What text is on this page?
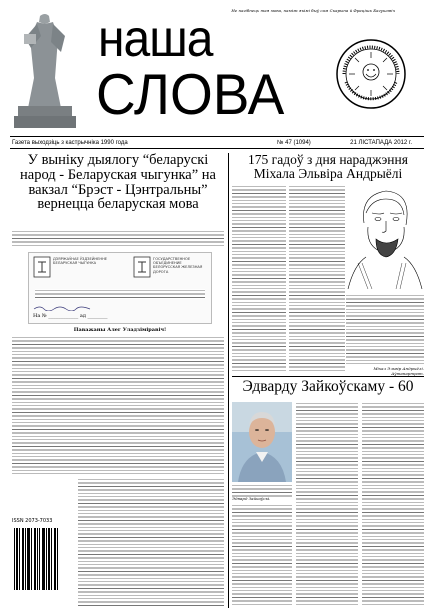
Не пагібнець тая мова, паміж якімі быў сам Скарына й Фрацішк Багушэвіч
наша
СЛОВА
Газета выходзіць з кастрычніка 1990 года	№ 47 (1094)	21 ЛІСТАПАДА 2012 г.
У выніку дыялогу “беларускі народ - Беларуская чыгунка” на вакзал “Брэст - Цэнтральны” вернецца беларуская мова
ДЗЯРЖАЎНАЕ ЎЗДЗЕЙНЕННЕ БЕЛАРУСКАЯ ЧЫГУНКА
ГОСУДАРСТВЕННОЕ ОБЪЕДИНЕНИЕ БЕЛОРУССКАЯ ЖЕЛЕЗНАЯ ДОРОГА
На № ____________ ад ________
Паважаны Алег Уладзіміравіч!
ISSN 2073-7033
175 гадоў з дня нараджэння Міхала Эльвіра Андрыёлі
Міхал Эльвір Андрыёлі. Аўтапартрэт.
Эдварду Зайкоўскаму - 60
Эдвард Зайкоўскі.
